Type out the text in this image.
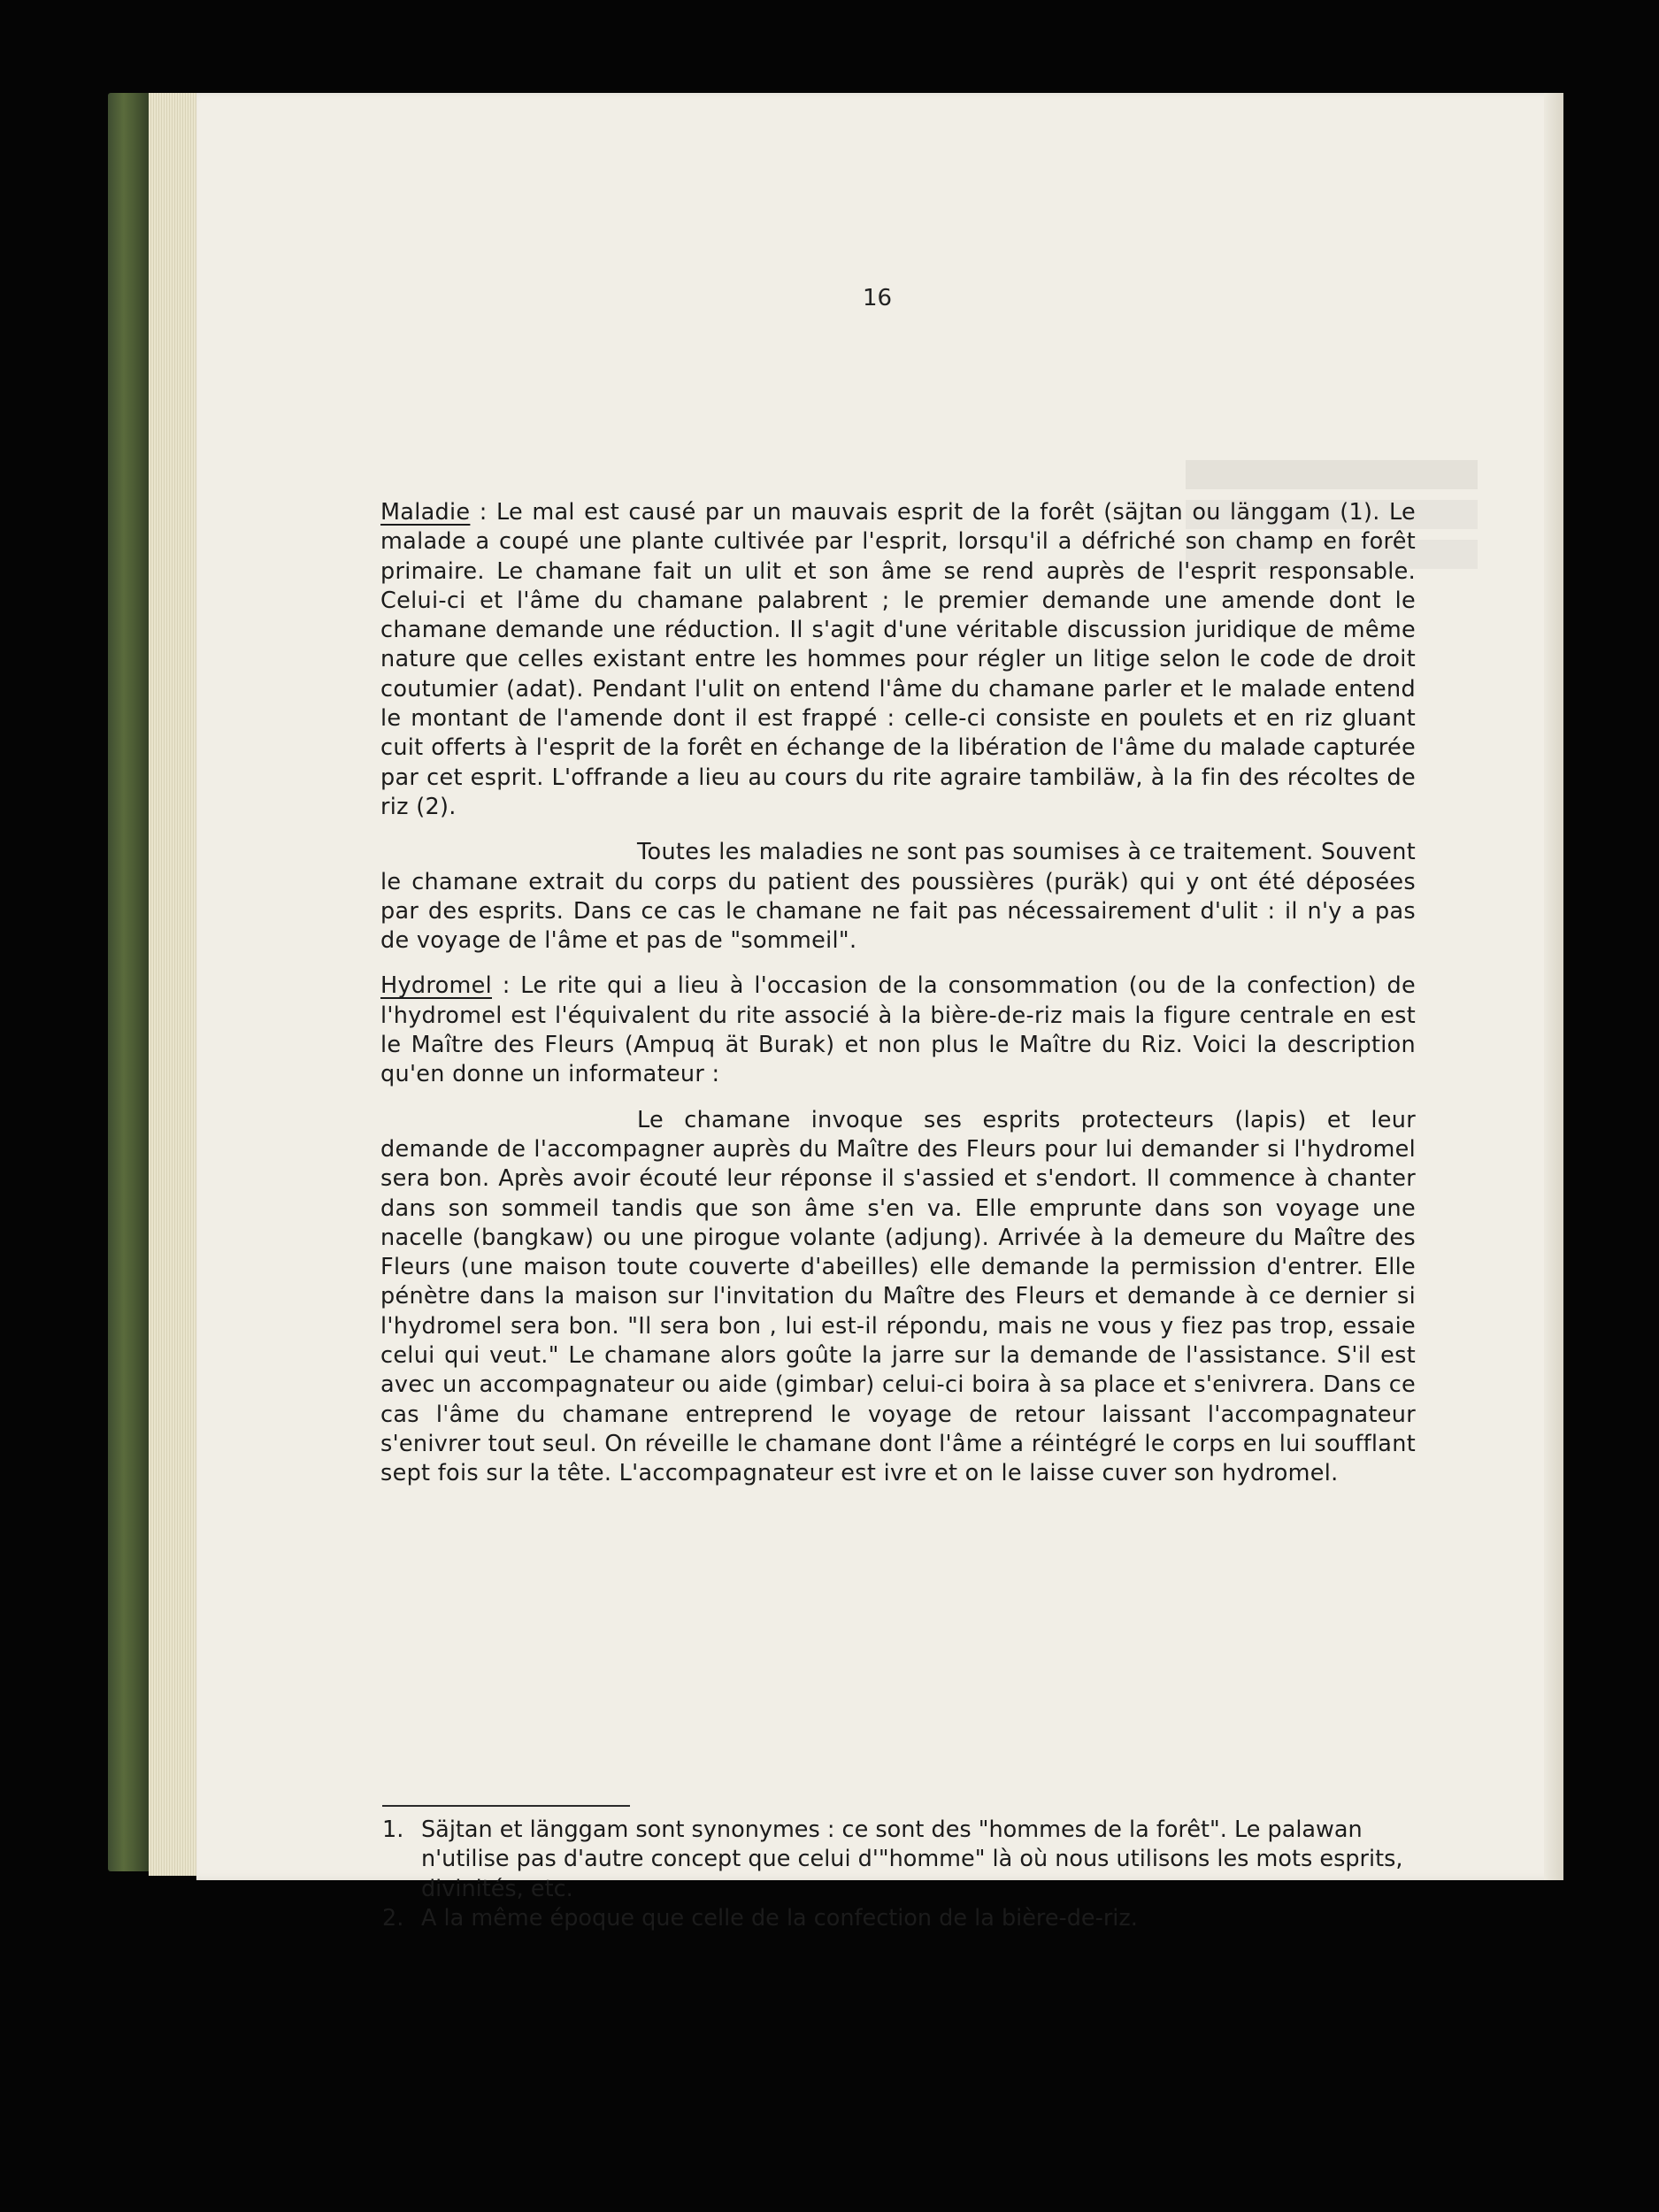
16

Maladie : Le mal est causé par un mauvais esprit de la forêt (säjtan ou länggam (1). Le malade a coupé une plante cultivée par l'esprit, lorsqu'il a défriché son champ en forêt primaire. Le chamane fait un ulit et son âme se rend auprès de l'esprit responsable. Celui-ci et l'âme du chamane palabrent ; le premier demande une amende dont le chamane demande une réduction. Il s'agit d'une véritable discussion juridique de même nature que celles existant entre les hommes pour régler un litige selon le code de droit coutumier (adat). Pendant l'ulit on entend l'âme du chamane parler et le malade entend le montant de l'amende dont il est frappé : celle-ci consiste en poulets et en riz gluant cuit offerts à l'esprit de la forêt en échange de la libération de l'âme du malade capturée par cet esprit. L'offrande a lieu au cours du rite agraire tambiläw, à la fin des récoltes de riz (2).

Toutes les maladies ne sont pas soumises à ce traitement. Souvent le chamane extrait du corps du patient des poussières (puräk) qui y ont été déposées par des esprits. Dans ce cas le chamane ne fait pas nécessairement d'ulit : il n'y a pas de voyage de l'âme et pas de "sommeil".

Hydromel : Le rite qui a lieu à l'occasion de la consommation (ou de la confection) de l'hydromel est l'équivalent du rite associé à la bière-de-riz mais la figure centrale en est le Maître des Fleurs (Ampuq ät Burak) et non plus le Maître du Riz. Voici la description qu'en donne un informateur :

Le chamane invoque ses esprits protecteurs (lapis) et leur demande de l'accompagner auprès du Maître des Fleurs pour lui demander si l'hydromel sera bon. Après avoir écouté leur réponse il s'assied et s'endort. Il commence à chanter dans son sommeil tandis que son âme s'en va. Elle emprunte dans son voyage une nacelle (bangkaw) ou une pirogue volante (adjung). Arrivée à la demeure du Maître des Fleurs (une maison toute couverte d'abeilles) elle demande la permission d'entrer. Elle pénètre dans la maison sur l'invitation du Maître des Fleurs et demande à ce dernier si l'hydromel sera bon. "Il sera bon , lui est-il répondu, mais ne vous y fiez pas trop, essaie celui qui veut." Le chamane alors goûte la jarre sur la demande de l'assistance. S'il est avec un accompagnateur ou aide (gimbar) celui-ci boira à sa place et s'enivrera. Dans ce cas l'âme du chamane entreprend le voyage de retour laissant l'accompagnateur s'enivrer tout seul. On réveille le chamane dont l'âme a réintégré le corps en lui soufflant sept fois sur la tête. L'accompagnateur est ivre et on le laisse cuver son hydromel.

1. Säjtan et länggam sont synonymes : ce sont des "hommes de la forêt". Le palawan n'utilise pas d'autre concept que celui d'"homme" là où nous utilisons les mots esprits, divinités, etc.

2. A la même époque que celle de la confection de la bière-de-riz.
